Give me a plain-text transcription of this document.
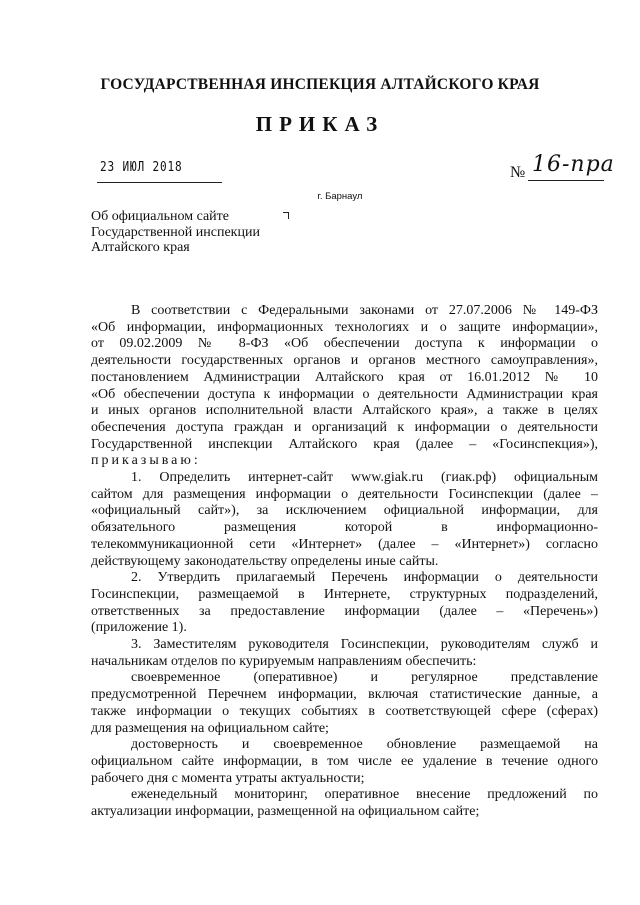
ГОСУДАРСТВЕННАЯ ИНСПЕКЦИЯ АЛТАЙСКОГО КРАЯ
ПРИКАЗ
23 ИЮЛ 2018	№ 16-пра
г. Барнаул
Об официальном сайте
Государственной инспекции
Алтайского края

В соответствии с Федеральными законами от 27.07.2006 № 149-ФЗ

«Об информации, информационных технологиях и о защите информации»,

от 09.02.2009 № 8-ФЗ «Об обеспечении доступа к информации о

деятельности государственных органов и органов местного самоуправления»,

постановлением Администрации Алтайского края от 16.01.2012 № 10

«Об обеспечении доступа к информации о деятельности Администрации края

и иных органов исполнительной власти Алтайского края», а также в целях

обеспечения доступа граждан и организаций к информации о деятельности

Государственной инспекции Алтайского края (далее – «Госинспекция»),

приказываю:

1. Определить интернет-сайт www.giak.ru (гиак.рф) официальным

сайтом для размещения информации о деятельности Госинспекции (далее –

«официальный сайт»), за исключением официальной информации, для

обязательного размещения которой в информационно-

телекоммуникационной сети «Интернет» (далее – «Интернет») согласно

действующему законодательству определены иные сайты.

2. Утвердить прилагаемый Перечень информации о деятельности

Госинспекции, размещаемой в Интернете, структурных подразделений,

ответственных за предоставление информации (далее – «Перечень»)

(приложение 1).

3. Заместителям руководителя Госинспекции, руководителям служб и

начальникам отделов по курируемым направлениям обеспечить:

своевременное (оперативное) и регулярное представление

предусмотренной Перечнем информации, включая статистические данные, а

также информации о текущих событиях в соответствующей сфере (сферах)

для размещения на официальном сайте;

достоверность и своевременное обновление размещаемой на

официальном сайте информации, в том числе ее удаление в течение одного

рабочего дня с момента утраты актуальности;

еженедельный мониторинг, оперативное внесение предложений по

актуализации информации, размещенной на официальном сайте;
